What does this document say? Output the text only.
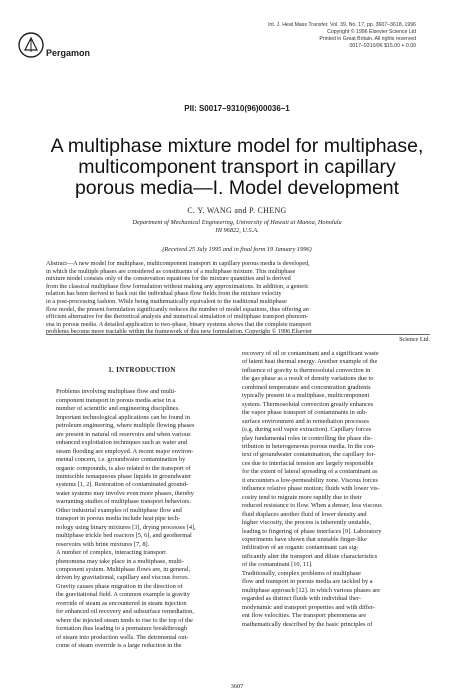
Pergamon
Int. J. Heat Mass Transfer. Vol. 39, No. 17, pp. 3607–3618, 1996
Copyright © 1996 Elsevier Science Ltd
Printed in Great Britain. All rights reserved
0017–9310/96 $15.00 + 0.00
PII: S0017–9310(96)00036–1
A multiphase mixture model for multiphase,
multicomponent transport in capillary
porous media—I. Model development
C. Y. WANG and P. CHENG
Department of Mechanical Engineering, University of Hawaii at Manoa, Honolulu
HI 96822, U.S.A.
(Received 25 July 1995 and in final form 19 January 1996)
Abstract—A new model for multiphase, multicomponent transport in capillary porous media is developed,
in which the multiple phases are considered as constituents of a multiphase mixture. This multiphase
mixture model consists only of the conservation equations for the mixture quantities and is derived
from the classical multiphase flow formulation without making any approximations. In addition, a generic
relation has been derived to back out the individual phase flow fields from the mixture velocity
in a post-processing fashion. While being mathematically equivalent to the traditional multiphase
flow model, the present formulation significantly reduces the number of model equations, thus offering an
efficient alternative for the theoretical analysis and numerical simulation of multiphase transport phenom-
ena in porous media. A detailed application to two-phase, binary systems shows that the complete transport
problems become more tractable within the framework of this new formulation. Copyright © 1996 Elsevier
Science Ltd.
1. INTRODUCTION
Problems involving multiphase flow and multi-
component transport in porous media arise in a
number of scientific and engineering disciplines.
Important technological applications can be found in
petroleum engineering, where multiple flowing phases
are present in natural oil reservoirs and when various
enhanced exploitation techniques such as water and
steam flooding are employed. A recent major environ-
mental concern, i.e. groundwater contamination by
organic compounds, is also related to the transport of
immiscible nonaqueous phase liquids in groundwater
systems [1, 2]. Restoration of contaminated ground-
water systems may involve even more phases, thereby
warranting studies of multiphase transport behaviors.
Other industrial examples of multiphase flow and
transport in porous media include heat pipe tech-
nology using binary mixtures [3], drying processes [4],
multiphase trickle bed reactors [5, 6], and geothermal
reservoirs with brine mixtures [7, 8].
A number of complex, interacting transport
phenomena may take place in a multiphase, multi-
component system. Multiphase flows are, in general,
driven by gravitational, capillary and viscous forces.
Gravity causes phase migration in the direction of
the gravitational field. A common example is gravity
override of steam as encountered in steam injection
for enhanced oil recovery and subsurface remediation,
where the injected steam tends to rise to the top of the
formation thus leading to a premature breakthrough
of steam into production wells. The detrimental out-
come of steam override is a large reduction in the
recovery of oil or contaminant and a significant waste
of latent heat thermal energy. Another example of the
influence of gravity is thermosolutal convection in
the gas phase as a result of density variations due to
combined temperature and concentration gradients
typically present in a multiphase, multicomponent
system. Thermosolutal convection greatly enhances
the vapor phase transport of contaminants in sub-
surface environment and in remediation processes
(e.g. during soil vapor extraction). Capillary forces
play fundamental roles in controlling the phase dis-
tribution in heterogeneous porous media. In the con-
text of groundwater contamination, the capillary for-
ces due to interfacial tension are largely responsible
for the extent of lateral spreading of a contaminant as
it encounters a low-permeability zone. Viscous forces
influence relative phase motion; fluids with lower vis-
cosity tend to migrate more rapidly due to their
reduced resistance to flow. When a denser, less viscous
fluid displaces another fluid of lower density and
higher viscosity, the process is inherently unstable,
leading to fingering of phase interfaces [9]. Laboratory
experiments have shown that unstable finger-like
infiltration of an organic contaminant can sig-
nificantly alter the transport and dilute characteristics
of the contaminant [10, 11].
Traditionally, complex problems of multiphase
flow and transport in porous media are tackled by a
multiphase approach [12]. in which various phases are
regarded as distinct fluids with individual ther-
modynamic and transport properties and with differ-
ent flow velocities. The transport phenomena are
mathematically described by the basic principles of
3607
